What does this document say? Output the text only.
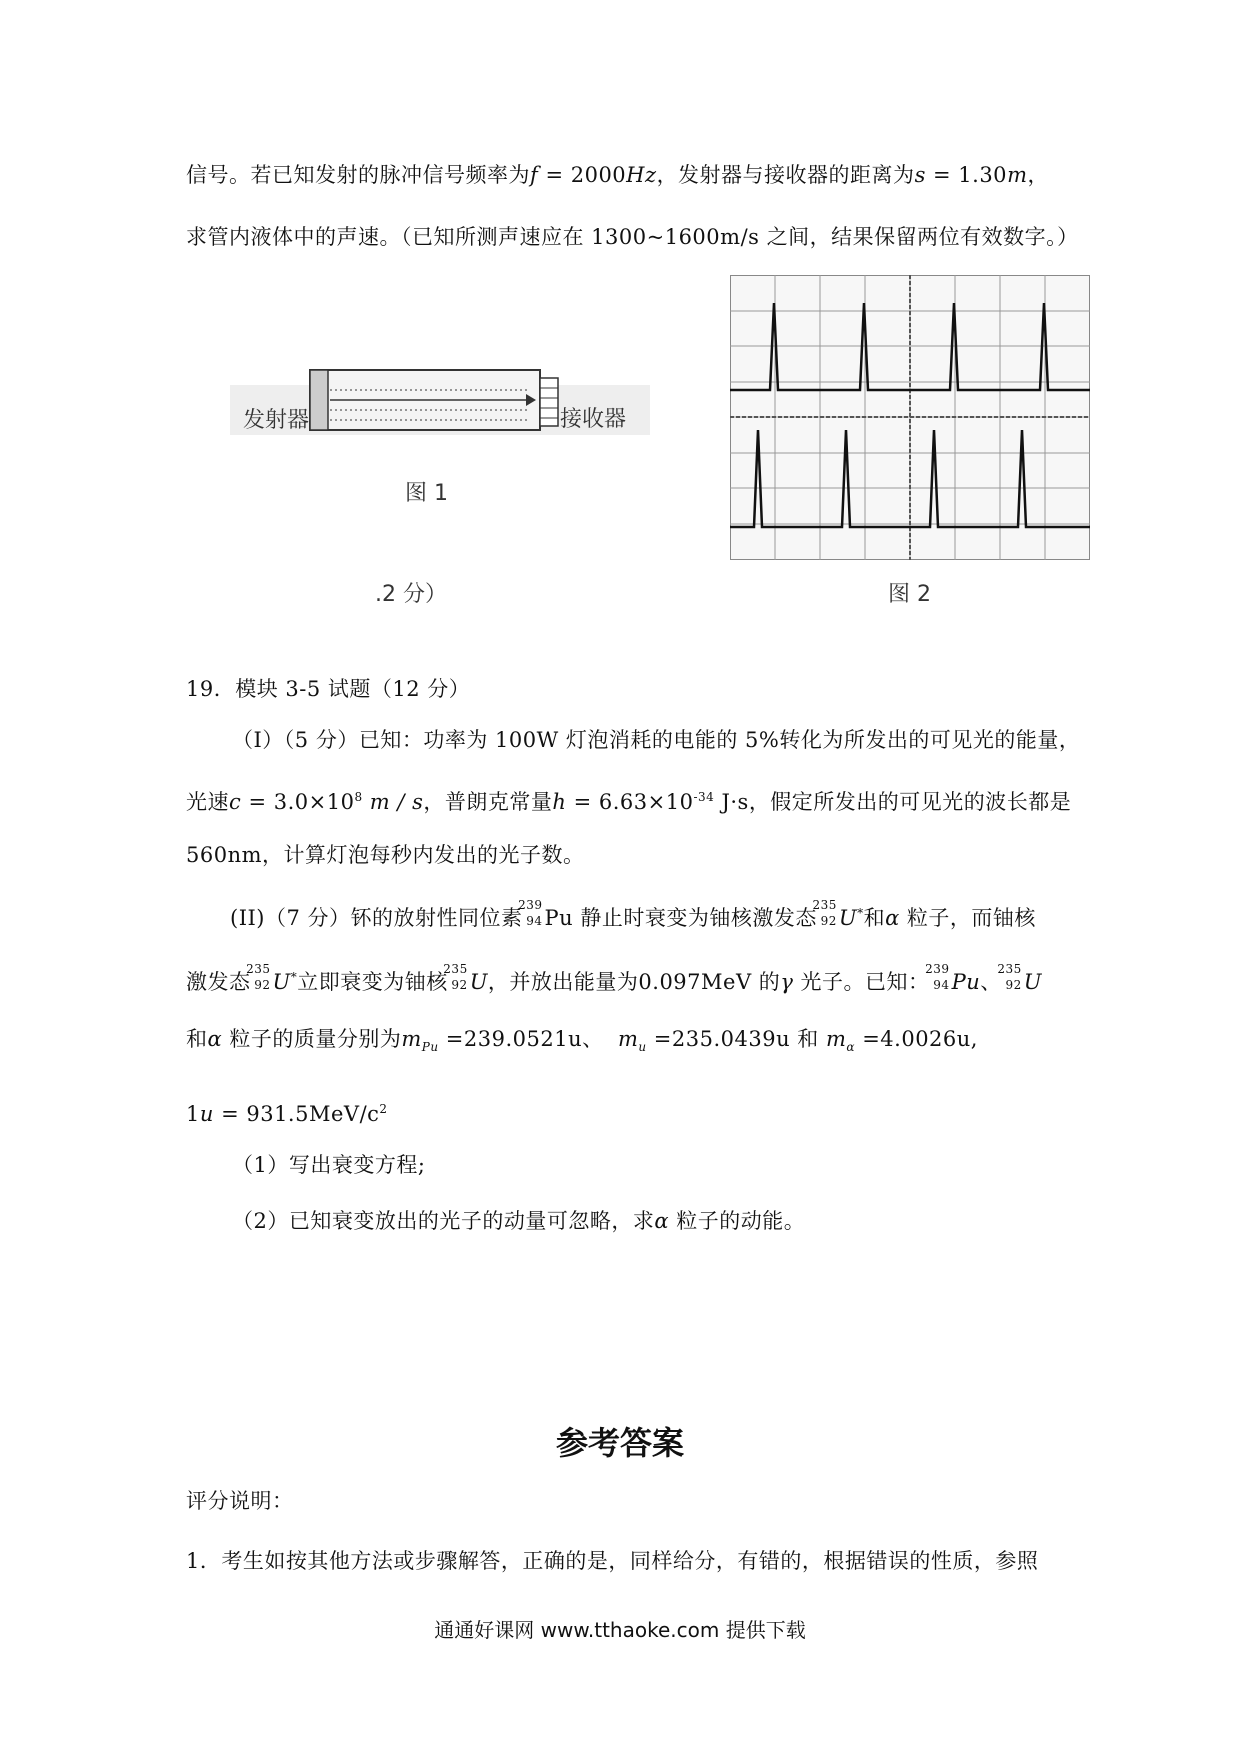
信号。若已知发射的脉冲信号频率为f = 2000Hz，发射器与接收器的距离为s = 1.30m，
求管内液体中的声速。（已知所测声速应在 1300~1600m/s 之间，结果保留两位有效数字。）
发射器	接收器
图 1
.2 分）	图 2
19．模块 3-5 试题（12 分）
（I）（5 分）已知：功率为 100W 灯泡消耗的电能的 5%转化为所发出的可见光的能量，
光速$c = 3.0\times 10^8$ m / s，普朗克常量$h = 6.63\times 10^{-34}$ J·s，假定所发出的可见光的波长都是
560nm，计算灯泡每秒内发出的光子数。
(II)（7 分）钚的放射性同位素
239
94 Pu 静止时衰变为铀核激发态
235
92 U*和α 粒子，而铀核
激发态
235
92 U*立即衰变为铀核
235
92 U，并放出能量为0.097MeV 的γ 光子。已知：
239
94 Pu、
235
92 U
和α 粒子的质量分别为$m_{Pu} =239.0521u$、 $m_u =235.0439u$ 和 $m_\alpha =4.0026u$,
$1u = 931.5MeV/c^2$
（1）写出衰变方程;
（2）已知衰变放出的光子的动量可忽略，求α 粒子的动能。
参考答案
评分说明：
1．考生如按其他方法或步骤解答，正确的是，同样给分，有错的，根据错误的性质，参照
通通好课网 www.tthaoke.com 提供下载
